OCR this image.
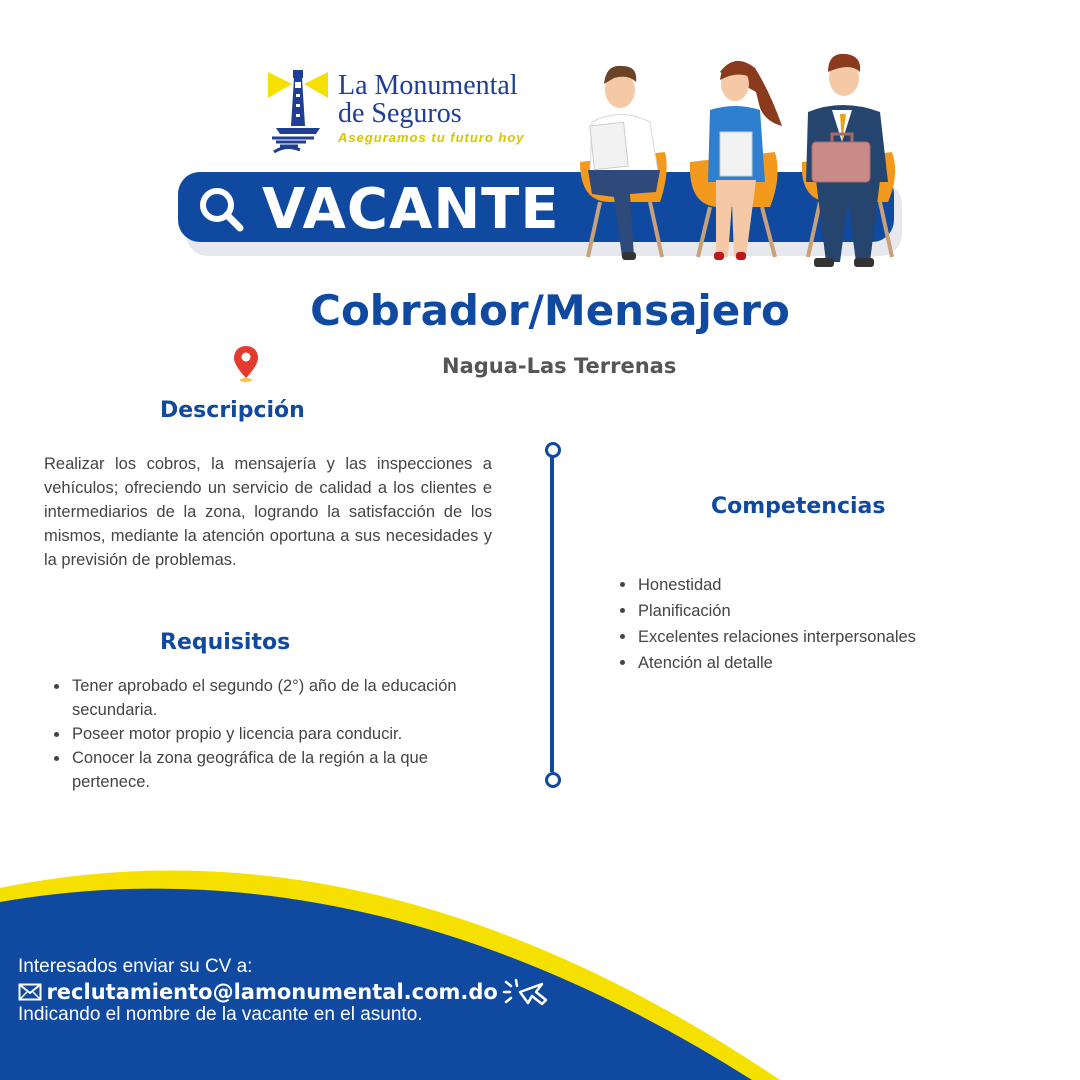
La Monumental
de Seguros
Aseguramos tu futuro hoy
VACANTE
Cobrador/Mensajero
Nagua-Las Terrenas
Descripción
Realizar los cobros, la mensajería y las inspecciones a vehículos; ofreciendo un servicio de calidad a los clientes e intermediarios de la zona, logrando la satisfacción de los mismos, mediante la atención oportuna a sus necesidades y la previsión de problemas.
Requisitos
Tener aprobado el segundo (2°) año de la educación secundaria.
Poseer motor propio y licencia para conducir.
Conocer la zona geográfica de la región a la que pertenece.
Competencias
Honestidad
Planificación
Excelentes relaciones interpersonales
Atención al detalle
Interesados enviar su CV a:
reclutamiento@lamonumental.com.do
Indicando el nombre de la vacante en el asunto.
